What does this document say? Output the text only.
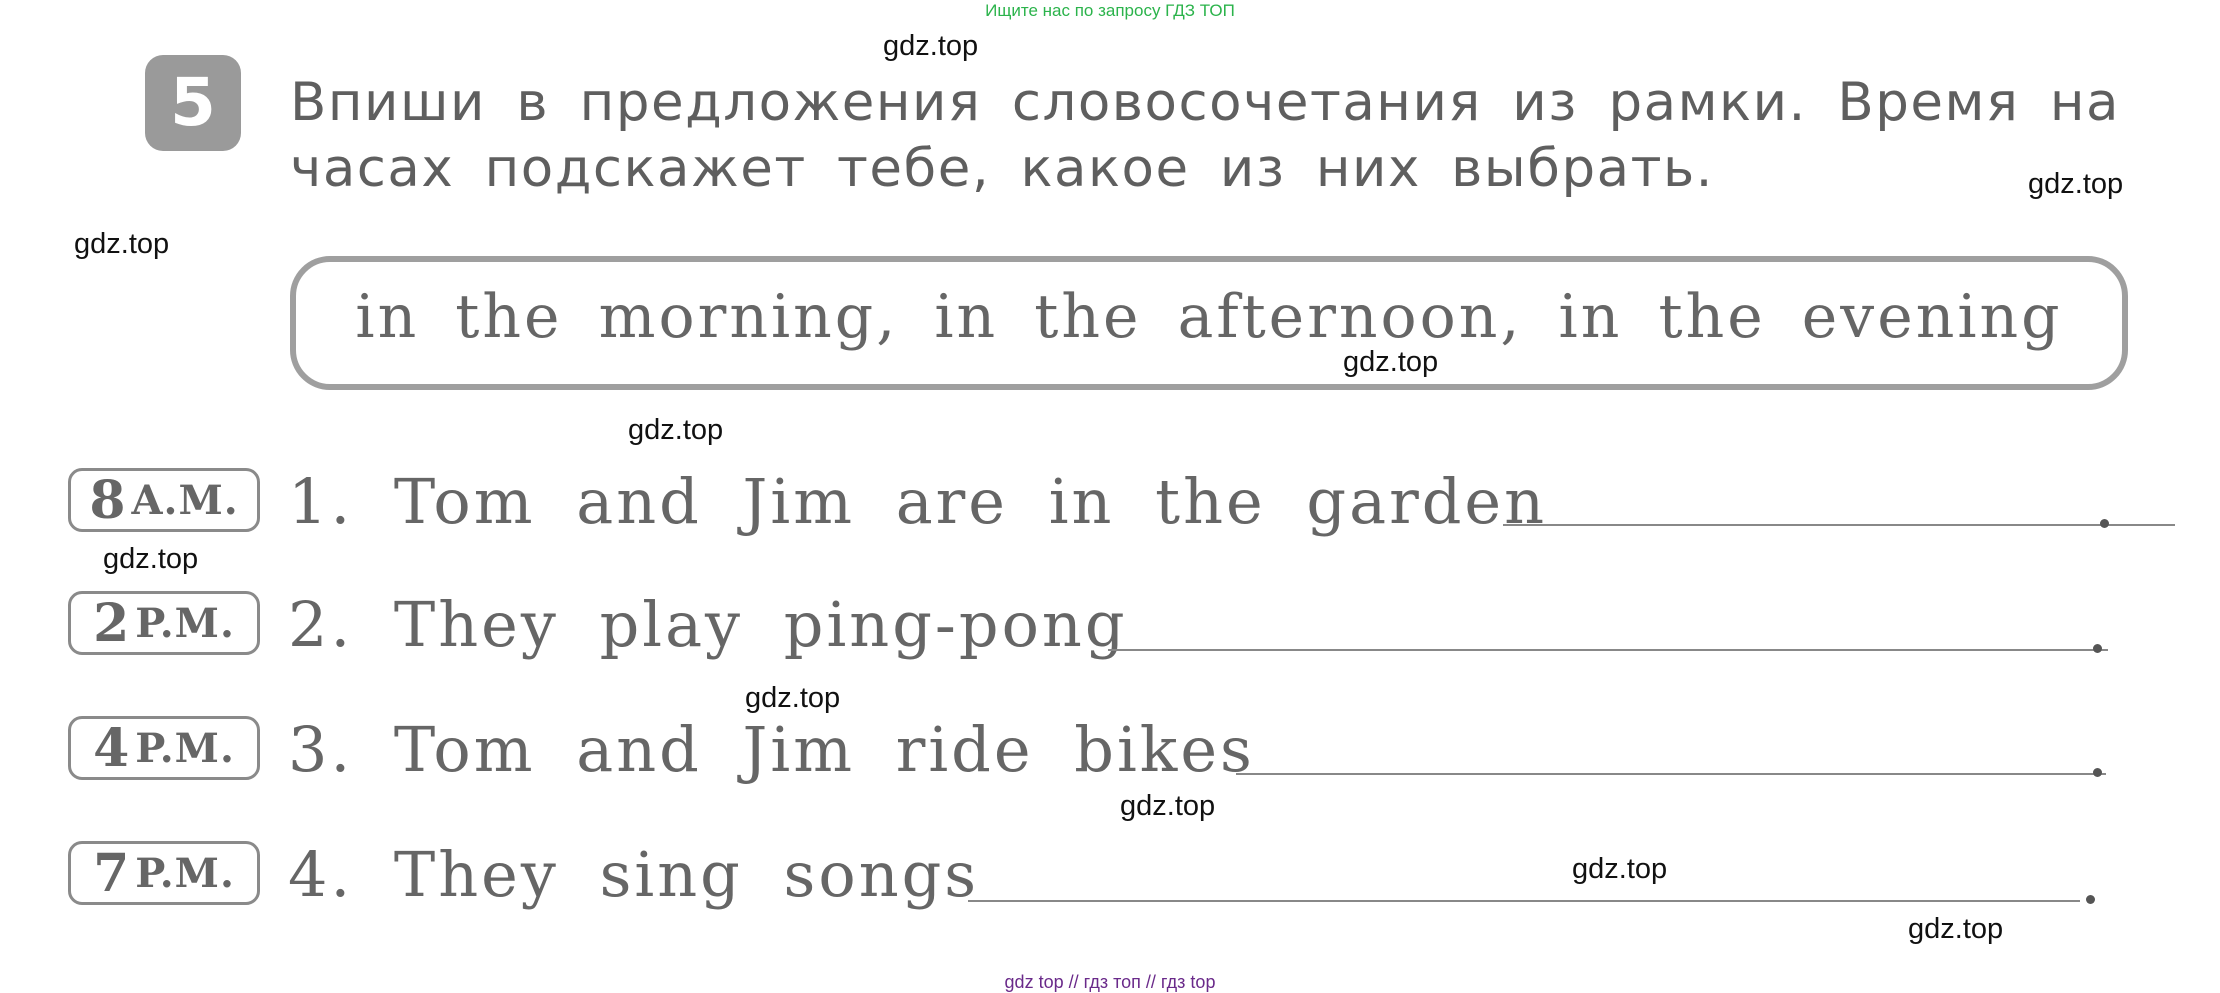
Ищите нас по запросу ГДЗ ТОП
5	Впиши в предложения словосочетания из рамки. Время на часах подскажет тебе, какое из них выбрать.
in the morning, in the afternoon, in the evening
8 A.M. 1. Tom and Jim are in the garden
2 P.M. 2. They play ping-pong
4 P.M. 3. Tom and Jim ride bikes
7 P.M. 4. They sing songs
gdz.top
gdz.top
gdz.top
gdz.top
gdz.top
gdz.top
gdz.top
gdz.top
gdz.top
gdz.top
gdz top // гдз топ // гдз top
